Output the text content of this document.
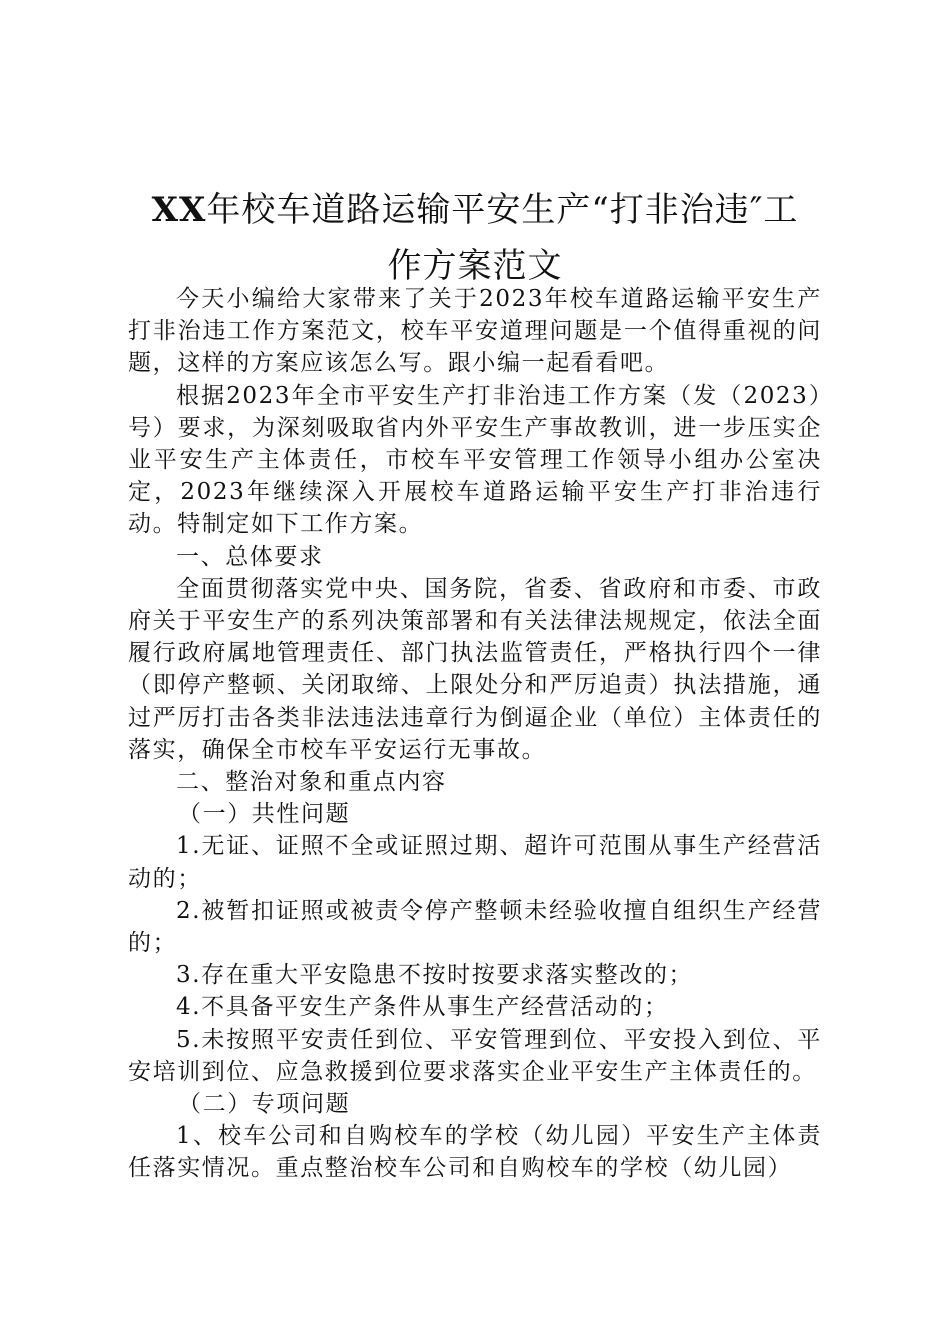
XX年校车道路运输平安生产“打非治违″工
作方案范文

今天小编给大家带来了关于2023年校车道路运输平安生产打非治违工作方案范文，校车平安道理问题是一个值得重视的问题，这样的方案应该怎么写。跟小编一起看看吧。

根据2023年全市平安生产打非治违工作方案（发（2023）号）要求，为深刻吸取省内外平安生产事故教训，进一步压实企业平安生产主体责任，市校车平安管理工作领导小组办公室决定，2023年继续深入开展校车道路运输平安生产打非治违行动。特制定如下工作方案。

一、总体要求

全面贯彻落实党中央、国务院，省委、省政府和市委、市政府关于平安生产的系列决策部署和有关法律法规规定，依法全面履行政府属地管理责任、部门执法监管责任，严格执行四个一律（即停产整顿、关闭取缔、上限处分和严厉追责）执法措施，通过严厉打击各类非法违法违章行为倒逼企业（单位）主体责任的落实，确保全市校车平安运行无事故。

二、整治对象和重点内容

（一）共性问题

1.无证、证照不全或证照过期、超许可范围从事生产经营活动的；

2.被暂扣证照或被责令停产整顿未经验收擅自组织生产经营的；

3.存在重大平安隐患不按时按要求落实整改的；

4.不具备平安生产条件从事生产经营活动的；

5.未按照平安责任到位、平安管理到位、平安投入到位、平安培训到位、应急救援到位要求落实企业平安生产主体责任的。

（二）专项问题

1、校车公司和自购校车的学校（幼儿园）平安生产主体责任落实情况。重点整治校车公司和自购校车的学校（幼儿园）
